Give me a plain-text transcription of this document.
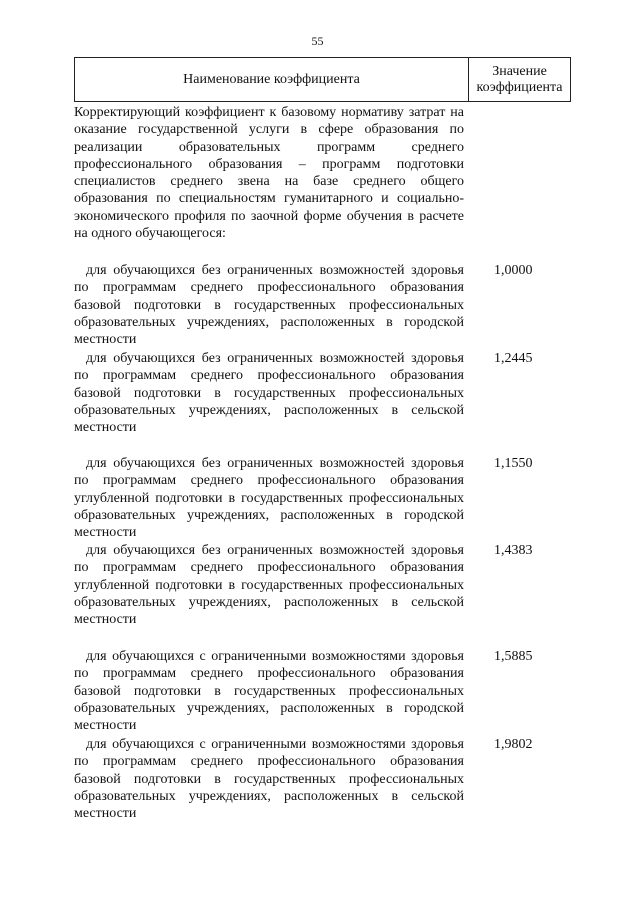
55
Наименование коэффициента
Значение
коэффициента
Корректирующий коэффициент к базовому нормативу затрат на оказание государственной услуги в сфере образования по реализации образовательных программ среднего профессионального образования – программ подготовки специалистов среднего звена на базе среднего общего образования по специальностям гуманитарного и социально-экономического профиля по заочной форме обучения в расчете на одного обучающегося:
для обучающихся без ограниченных возможностей здоровья по программам среднего профессионального образования базовой подготовки в государственных профессиональных образовательных учреждениях, расположенных в городской местности
1,0000
для обучающихся без ограниченных возможностей здоровья по программам среднего профессионального образования базовой подготовки в государственных профессиональных образовательных учреждениях, расположенных в сельской местности
1,2445
для обучающихся без ограниченных возможностей здоровья по программам среднего профессионального образования углубленной подготовки в государственных профессиональных образовательных учреждениях, расположенных в городской местности
1,1550
для обучающихся без ограниченных возможностей здоровья по программам среднего профессионального образования углубленной подготовки в государственных профессиональных образовательных учреждениях, расположенных в сельской местности
1,4383
для обучающихся с ограниченными возможностями здоровья по программам среднего профессионального образования базовой подготовки в государственных профессиональных образовательных учреждениях, расположенных в городской местности
1,5885
для обучающихся с ограниченными возможностями здоровья по программам среднего профессионального образования базовой подготовки в государственных профессиональных образовательных учреждениях, расположенных в сельской местности
1,9802
